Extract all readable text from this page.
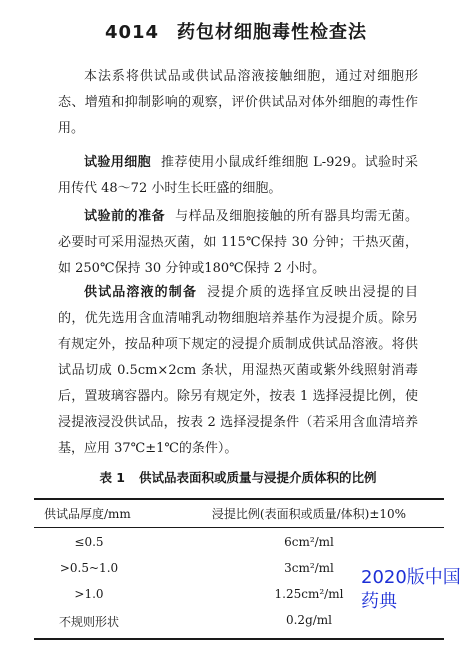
4014 药包材细胞毒性检查法
本法系将供试品或供试品溶液接触细胞，通过对细胞形态、增殖和抑制影响的观察，评价供试品对体外细胞的毒性作用。
试验用细胞 推荐使用小鼠成纤维细胞 L-929。试验时采用传代 48～72 小时生长旺盛的细胞。
试验前的准备 与样品及细胞接触的所有器具均需无菌。必要时可采用湿热灭菌，如 115℃保持 30 分钟；干热灭菌，如 250℃保持 30 分钟或180℃保持 2 小时。
供试品溶液的制备 浸提介质的选择宜反映出浸提的目的，优先选用含血清哺乳动物细胞培养基作为浸提介质。除另有规定外，按品种项下规定的浸提介质制成供试品溶液。将供试品切成 0.5cm×2cm 条状，用湿热灭菌或紫外线照射消毒后，置玻璃容器内。除另有规定外，按表 1 选择浸提比例，使浸提液浸没供试品，按表 2 选择浸提条件（若采用含血清培养基，应用 37℃±1℃的条件）。
表 1 供试品表面积或质量与浸提介质体积的比例
供试品厚度/mm	浸提比例(表面积或质量/体积)±10%
≤0.5	6cm²/ml
>0.5~1.0	3cm²/ml
>1.0	1.25cm²/ml
不规则形状	0.2g/ml
2020版中国
药典
